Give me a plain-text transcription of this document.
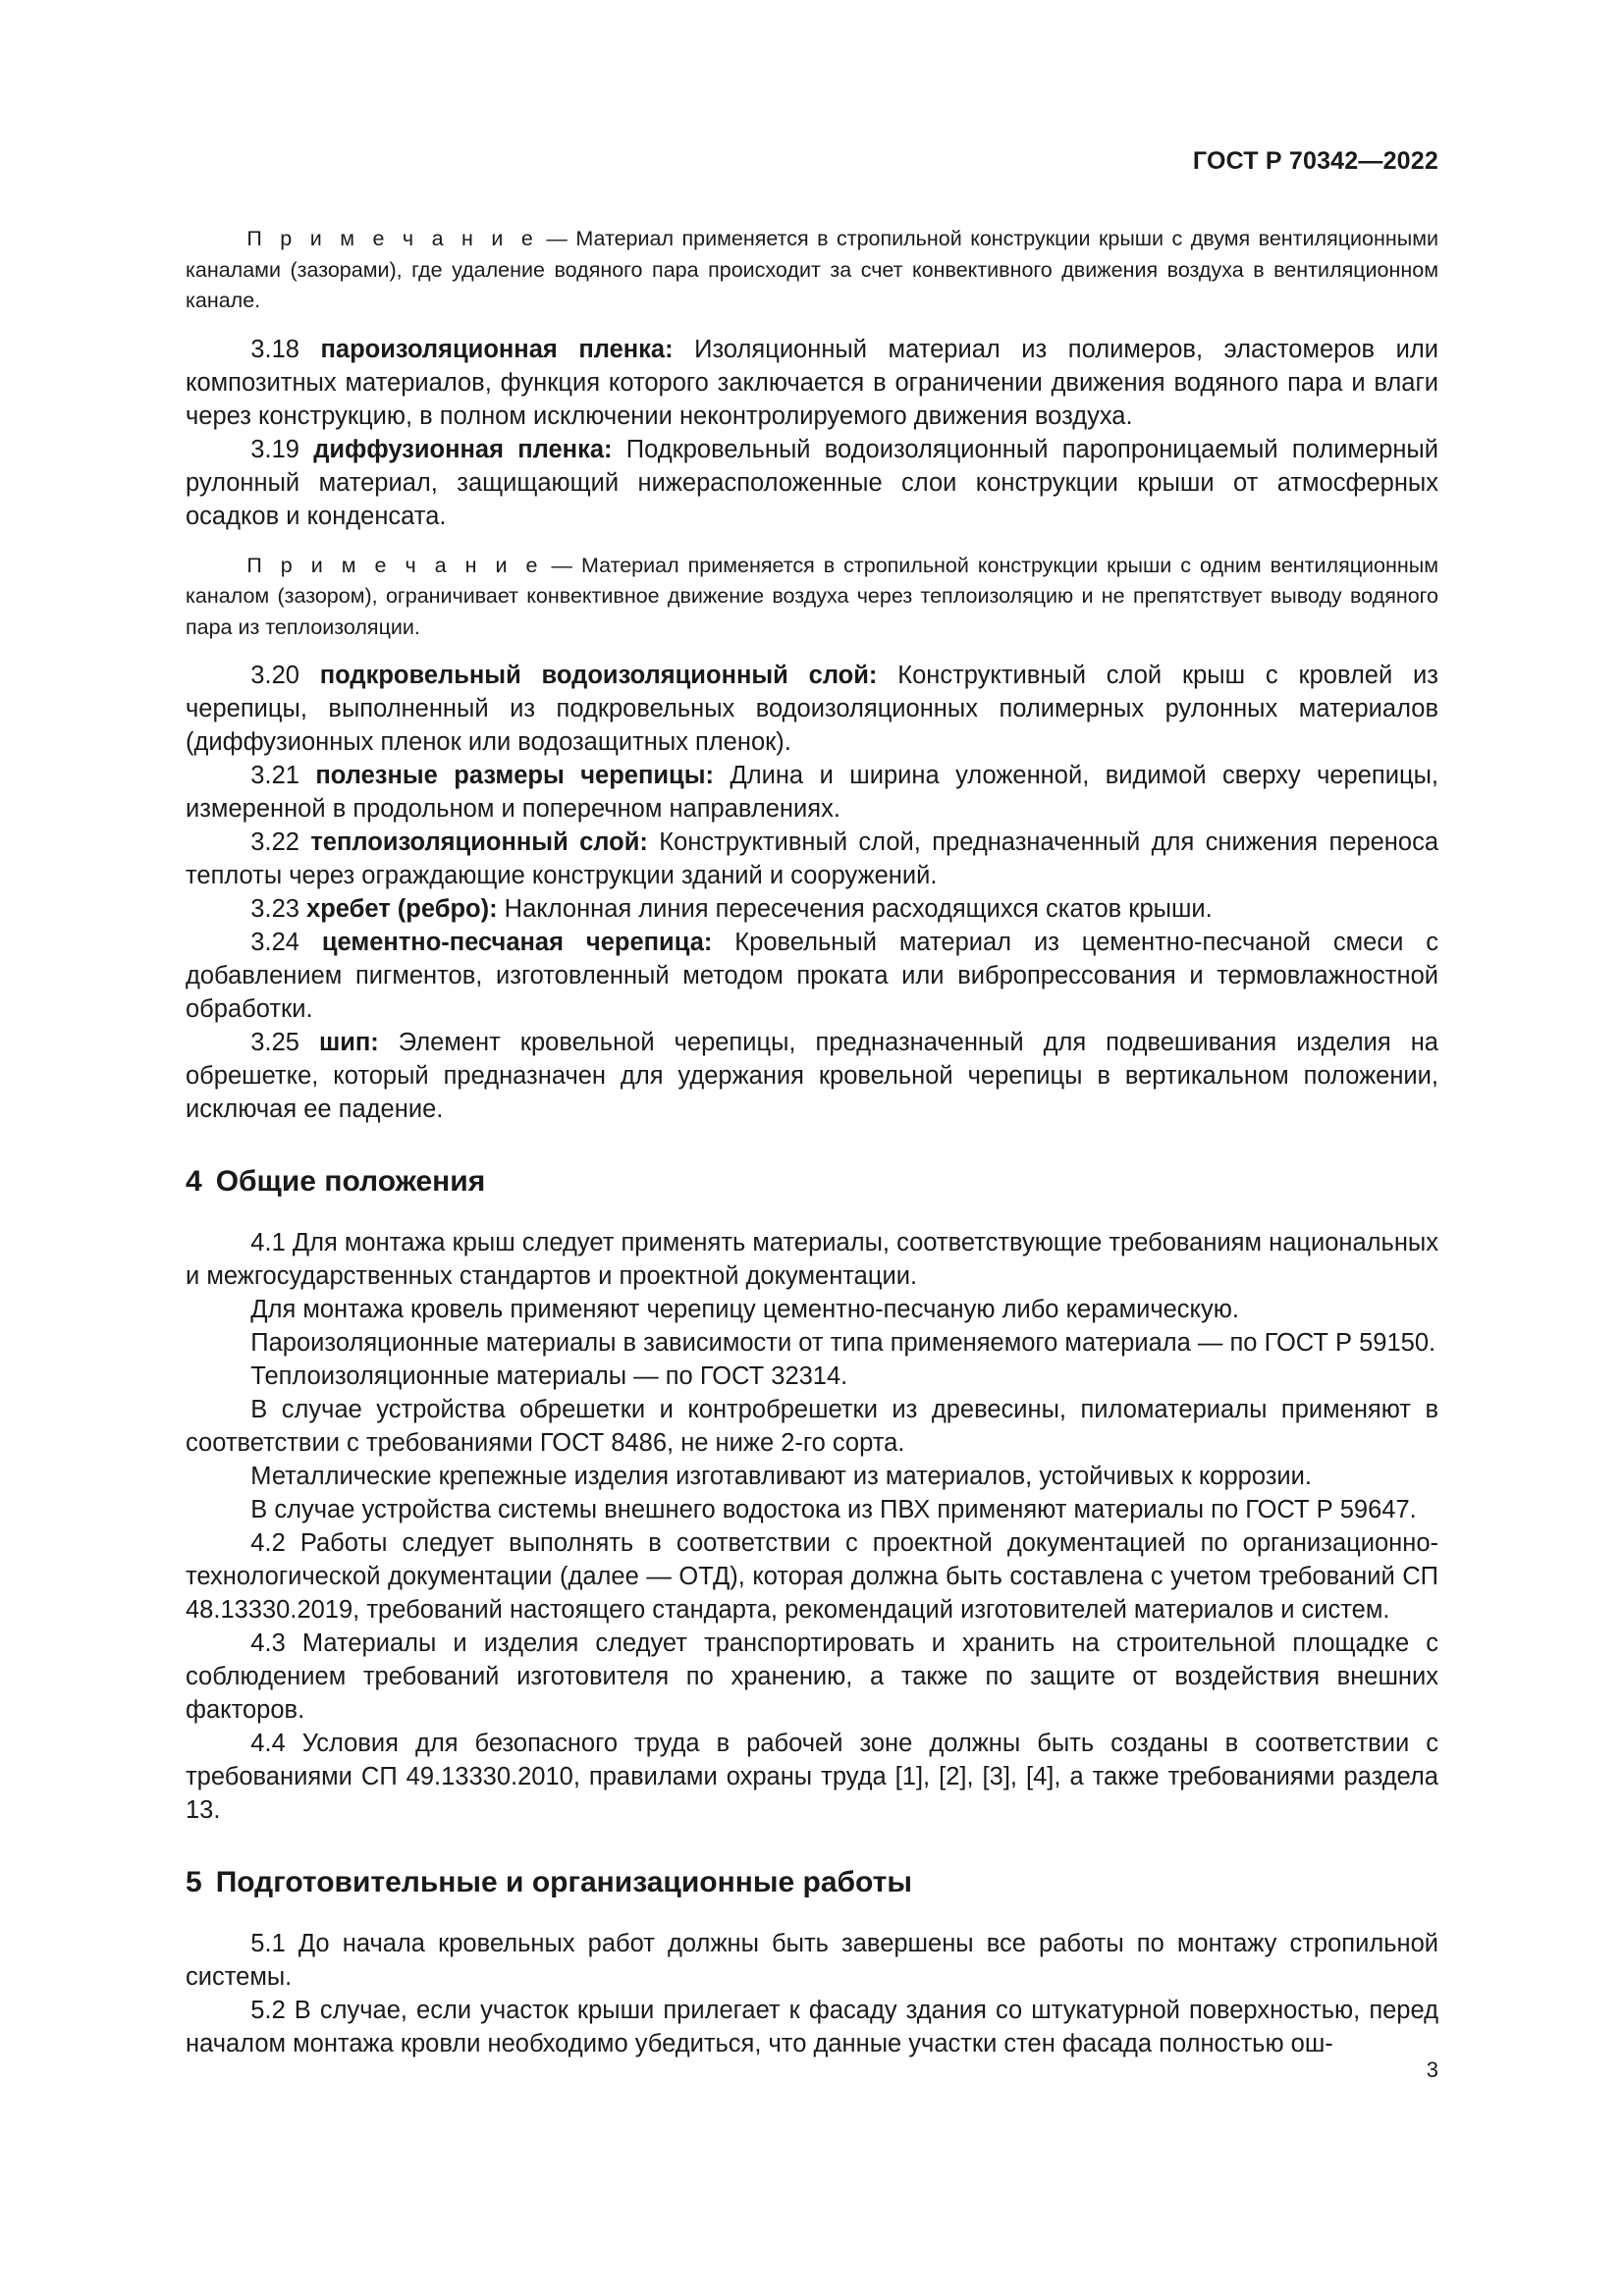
ГОСТ Р 70342—2022

П р и м е ч а н и е — Материал применяется в стропильной конструкции крыши с двумя вентиляционными каналами (зазорами), где удаление водяного пара происходит за счет конвективного движения воздуха в вентиляционном канале.

3.18 пароизоляционная пленка: Изоляционный материал из полимеров, эластомеров или композитных материалов, функция которого заключается в ограничении движения водяного пара и влаги через конструкцию, в полном исключении неконтролируемого движения воздуха.

3.19 диффузионная пленка: Подкровельный водоизоляционный паропроницаемый полимерный рулонный материал, защищающий нижерасположенные слои конструкции крыши от атмосферных осадков и конденсата.

П р и м е ч а н и е — Материал применяется в стропильной конструкции крыши с одним вентиляционным каналом (зазором), ограничивает конвективное движение воздуха через теплоизоляцию и не препятствует выводу водяного пара из теплоизоляции.

3.20 подкровельный водоизоляционный слой: Конструктивный слой крыш с кровлей из черепицы, выполненный из подкровельных водоизоляционных полимерных рулонных материалов (диффузионных пленок или водозащитных пленок).

3.21 полезные размеры черепицы: Длина и ширина уложенной, видимой сверху черепицы, измеренной в продольном и поперечном направлениях.

3.22 теплоизоляционный слой: Конструктивный слой, предназначенный для снижения переноса теплоты через ограждающие конструкции зданий и сооружений.

3.23 хребет (ребро): Наклонная линия пересечения расходящихся скатов крыши.

3.24 цементно-песчаная черепица: Кровельный материал из цементно-песчаной смеси с добавлением пигментов, изготовленный методом проката или вибропрессования и термовлажностной обработки.

3.25 шип: Элемент кровельной черепицы, предназначенный для подвешивания изделия на обрешетке, который предназначен для удержания кровельной черепицы в вертикальном положении, исключая ее падение.

4 Общие положения

4.1 Для монтажа крыш следует применять материалы, соответствующие требованиям национальных и межгосударственных стандартов и проектной документации.

Для монтажа кровель применяют черепицу цементно-песчаную либо керамическую.

Пароизоляционные материалы в зависимости от типа применяемого материала — по ГОСТ Р 59150.

Теплоизоляционные материалы — по ГОСТ 32314.

В случае устройства обрешетки и контробрешетки из древесины, пиломатериалы применяют в соответствии с требованиями ГОСТ 8486, не ниже 2-го сорта.

Металлические крепежные изделия изготавливают из материалов, устойчивых к коррозии.

В случае устройства системы внешнего водостока из ПВХ применяют материалы по ГОСТ Р 59647.

4.2 Работы следует выполнять в соответствии с проектной документацией по организационно-технологической документации (далее — ОТД), которая должна быть составлена с учетом требований СП 48.13330.2019, требований настоящего стандарта, рекомендаций изготовителей материалов и систем.

4.3 Материалы и изделия следует транспортировать и хранить на строительной площадке с соблюдением требований изготовителя по хранению, а также по защите от воздействия внешних факторов.

4.4 Условия для безопасного труда в рабочей зоне должны быть созданы в соответствии с требованиями СП 49.13330.2010, правилами охраны труда [1], [2], [3], [4], а также требованиями раздела 13.

5 Подготовительные и организационные работы

5.1 До начала кровельных работ должны быть завершены все работы по монтажу стропильной системы.

5.2 В случае, если участок крыши прилегает к фасаду здания со штукатурной поверхностью, перед началом монтажа кровли необходимо убедиться, что данные участки стен фасада полностью ош-

3
